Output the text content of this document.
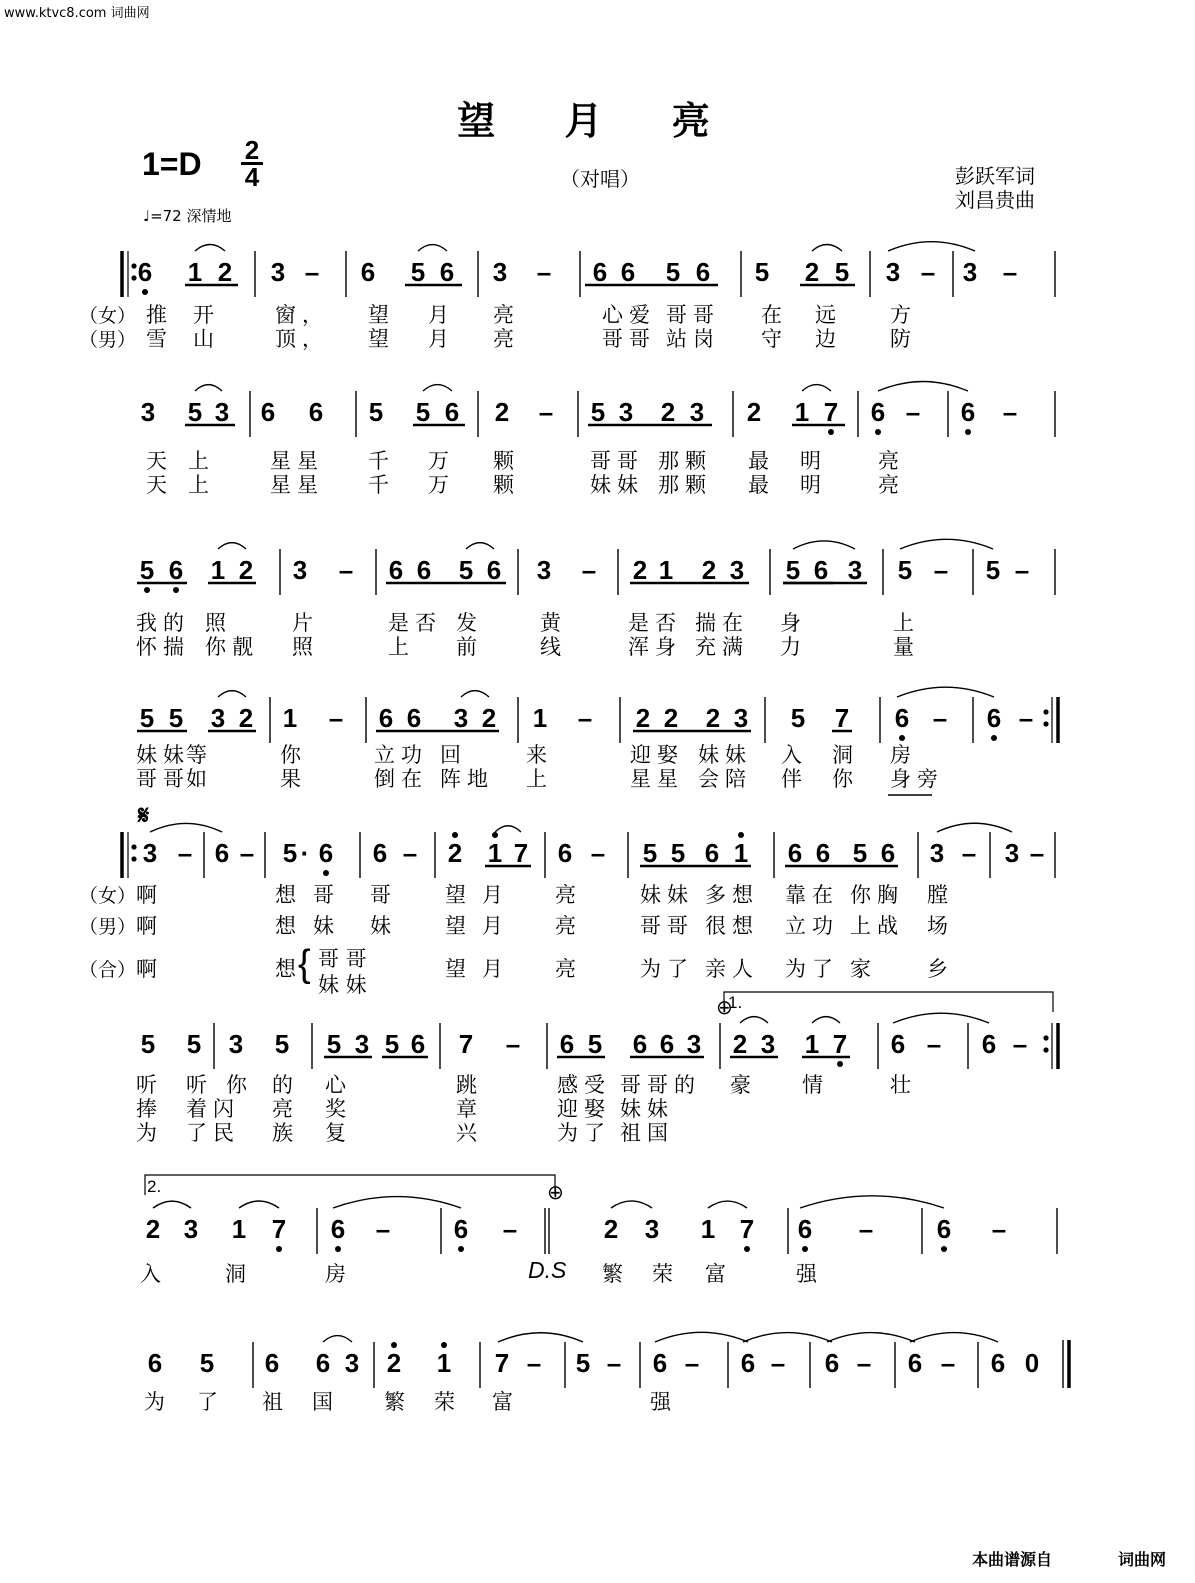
www.ktvc8.com 词曲网
望 月 亮
1=D 2
4	（对唱）	彭跃军词
刘昌贵曲
♩=72 深情地
6 1 2 3 – 6 5 6 3 – 6 6 5 6 5 2 5 3 – 3 –
（女） 推 开	窗， 望 月 亮	心爱 哥哥 在 远 方
（男） 雪 山	顶， 望 月 亮	哥哥 站岗 守 边 防
3 5 3 6 6 5 5 6 2 – 5 3 2 3 2 1 7 6 – 6 –
天 上	星星 千 万 颗	哥哥 那颗 最 明 亮
天 上	星星 千 万 颗	妹妹 那颗 最 明 亮
5 6 1 2 3 – 6 6 5 6 3 – 2 1 2 3 5 6 3 5 – 5 –
我的 照	片	是否 发	黄	是否 揣在 身	上
怀揣 你靓 照	上 前	线	浑身 充满 力	量
5 5 3 2 1 – 6 6 3 2 1 – 2 2 2 3 5 7 6 – 6 –
妹妹
等	你	立功 回	来	迎娶 妹妹 入 洞 房
哥哥
如	果	倒在 阵地 上	星星 会陪 伴 你 身旁
3 – 6 – 5 · 6 6 – 2 1 7 6 – 5 5 6 1 6 6 5 6 3 – 3 –
𝄋
（女） 啊	想 哥 哥 望 月 亮	妹妹 多想 靠在 你胸 膛
（男） 啊	想 妹 妹 望 月 亮	哥哥 很想 立功 上战 场
（合） 啊	想	望 月 亮	为了 亲人 为了 家 乡
5 5 3 5 5 3 5 6 7 – 6 5 6 6 3 2 3 1 7 6 – 6 –
1.
⊕
听 听 你 的 心	跳	感受 哥哥的 豪 情	壮
捧 着闪 亮 奖	章	迎娶 妹妹
为 了民 族 复	兴	为了 祖国
2 3 1 7 6 – 6 –	2 3 1 7 6 – 6 –
2.	⊕
D.S
入	洞	房	繁 荣 富	强
6 5 6 6 3 2 1 7 – 5 – 6 – 6 – 6 – 6 – 6 0
为 了 祖 国 繁 荣 富	强
{ 哥 哥
妹 妹
本曲谱源自	词曲网
